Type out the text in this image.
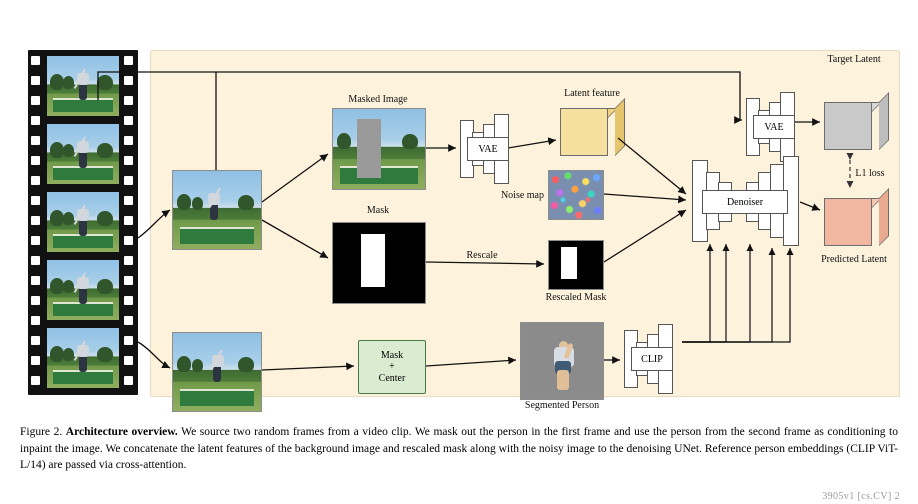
Masked Image
Mask
Rescaled Mask
Noise map
Segmented Person
Latent feature
Target Latent
Predicted Latent
L1 loss
Rescale
VAE
VAE
CLIP
Denoiser
Mask
+
Center
Figure 2. Architecture overview. We source two random frames from a video clip. We mask out the person in the first frame and use the person from the second frame as conditioning to inpaint the image. We concatenate the latent features of the background image and rescaled mask along with the noisy image to the denoising UNet. Reference person embeddings (CLIP ViT-L/14) are passed via cross-attention.
3905v1 [cs.CV] 2
